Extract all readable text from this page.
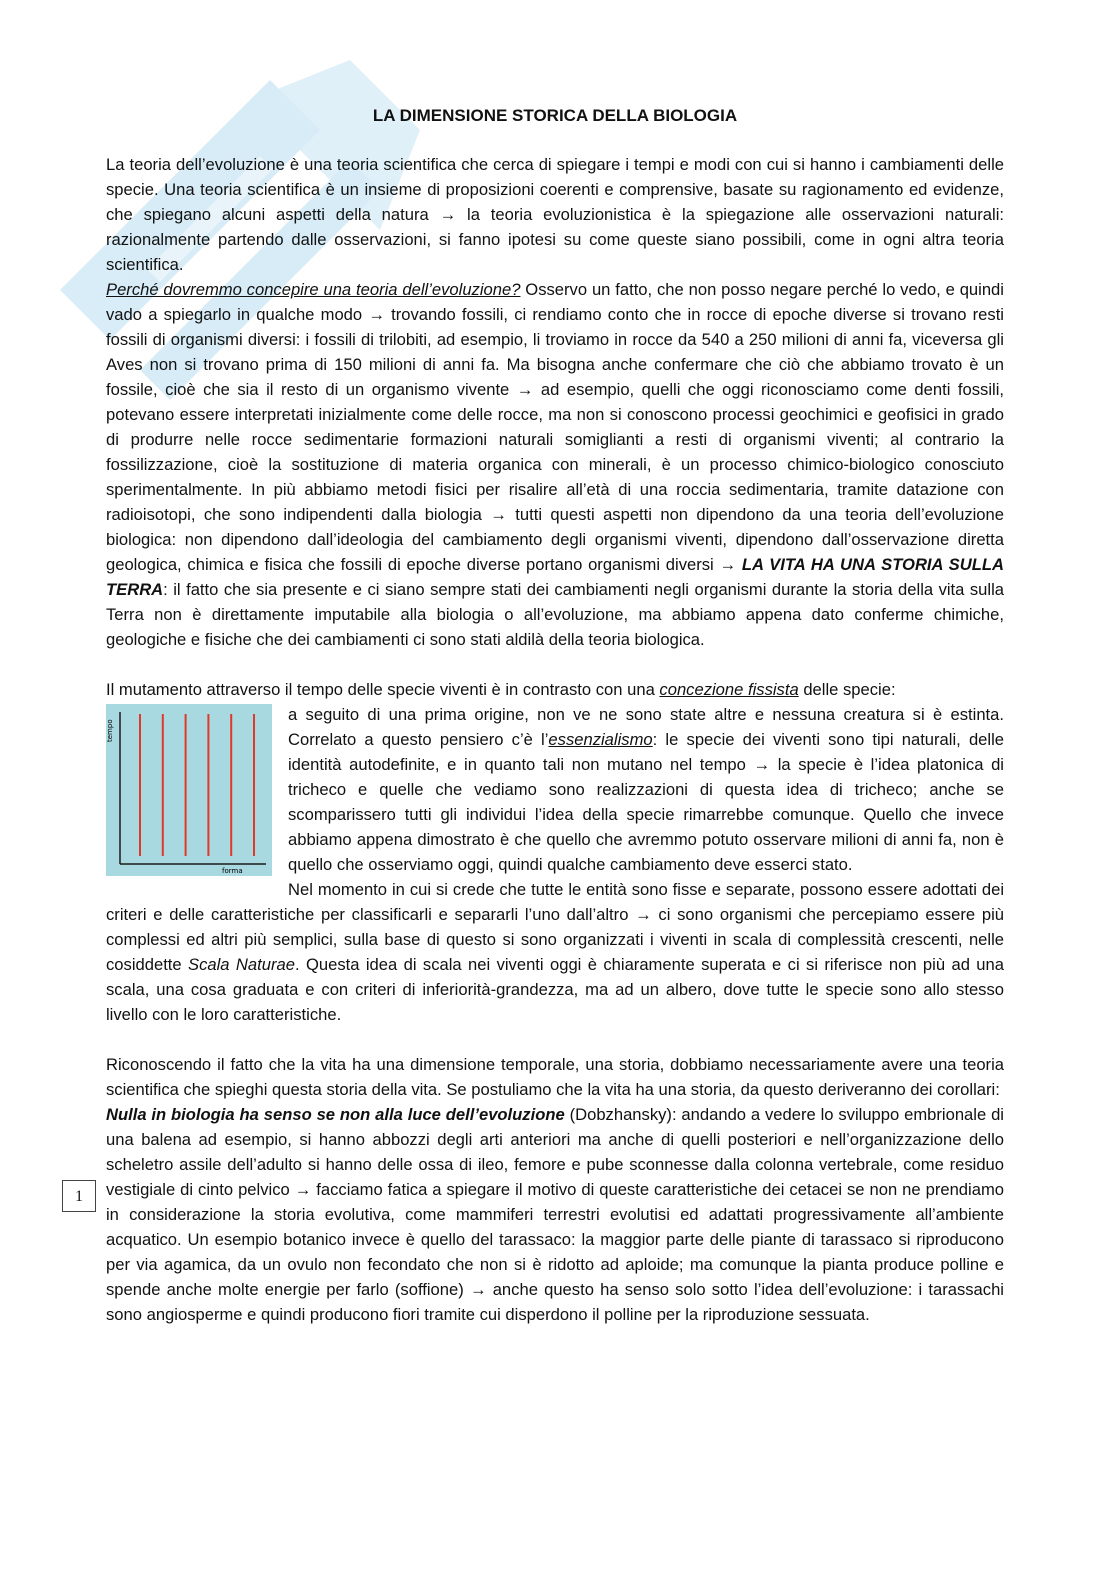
LA DIMENSIONE STORICA DELLA BIOLOGIA

La teoria dell’evoluzione è una teoria scientifica che cerca di spiegare i tempi e modi con cui si hanno i cambiamenti delle specie. Una teoria scientifica è un insieme di proposizioni coerenti e comprensive, basate su ragionamento ed evidenze, che spiegano alcuni aspetti della natura → la teoria evoluzionistica è la spiegazione alle osservazioni naturali: razionalmente partendo dalle osservazioni, si fanno ipotesi su come queste siano possibili, come in ogni altra teoria scientifica.

Perché dovremmo concepire una teoria dell’evoluzione? Osservo un fatto, che non posso negare perché lo vedo, e quindi vado a spiegarlo in qualche modo → trovando fossili, ci rendiamo conto che in rocce di epoche diverse si trovano resti fossili di organismi diversi: i fossili di trilobiti, ad esempio, li troviamo in rocce da 540 a 250 milioni di anni fa, viceversa gli Aves non si trovano prima di 150 milioni di anni fa. Ma bisogna anche confermare che ciò che abbiamo trovato è un fossile, cioè che sia il resto di un organismo vivente → ad esempio, quelli che oggi riconosciamo come denti fossili, potevano essere interpretati inizialmente come delle rocce, ma non si conoscono processi geochimici e geofisici in grado di produrre nelle rocce sedimentarie formazioni naturali somiglianti a resti di organismi viventi; al contrario la fossilizzazione, cioè la sostituzione di materia organica con minerali, è un processo chimico-biologico conosciuto sperimentalmente. In più abbiamo metodi fisici per risalire all’età di una roccia sedimentaria, tramite datazione con radioisotopi, che sono indipendenti dalla biologia → tutti questi aspetti non dipendono da una teoria dell’evoluzione biologica: non dipendono dall’ideologia del cambiamento degli organismi viventi, dipendono dall’osservazione diretta geologica, chimica e fisica che fossili di epoche diverse portano organismi diversi → LA VITA HA UNA STORIA SULLA TERRA: il fatto che sia presente e ci siano sempre stati dei cambiamenti negli organismi durante la storia della vita sulla Terra non è direttamente imputabile alla biologia o all’evoluzione, ma abbiamo appena dato conferme chimiche, geologiche e fisiche che dei cambiamenti ci sono stati aldilà della teoria biologica.

Il mutamento attraverso il tempo delle specie viventi è in contrasto con una concezione fissista delle specie:

tempo
forma
a seguito di una prima origine, non ve ne sono state altre e nessuna creatura si è estinta. Correlato a questo pensiero c’è l’essenzialismo: le specie dei viventi sono tipi naturali, delle identità autodefinite, e in quanto tali non mutano nel tempo → la specie è l’idea platonica di tricheco e quelle che vediamo sono realizzazioni di questa idea di tricheco; anche se scomparissero tutti gli individui l’idea della specie rimarrebbe comunque. Quello che invece abbiamo appena dimostrato è che quello che avremmo potuto osservare milioni di anni fa, non è quello che osserviamo oggi, quindi qualche cambiamento deve esserci stato.

Nel momento in cui si crede che tutte le entità sono fisse e separate, possono essere adottati dei criteri e delle caratteristiche per classificarli e separarli l’uno dall’altro → ci sono organismi che percepiamo essere più complessi ed altri più semplici, sulla base di questo si sono organizzati i viventi in scala di complessità crescenti, nelle cosiddette Scala Naturae. Questa idea di scala nei viventi oggi è chiaramente superata e ci si riferisce non più ad una scala, una cosa graduata e con criteri di inferiorità-grandezza, ma ad un albero, dove tutte le specie sono allo stesso livello con le loro caratteristiche.

Riconoscendo il fatto che la vita ha una dimensione temporale, una storia, dobbiamo necessariamente avere una teoria scientifica che spieghi questa storia della vita. Se postuliamo che la vita ha una storia, da questo deriveranno dei corollari:

Nulla in biologia ha senso se non alla luce dell’evoluzione (Dobzhansky): andando a vedere lo sviluppo embrionale di una balena ad esempio, si hanno abbozzi degli arti anteriori ma anche di quelli posteriori e nell’organizzazione dello scheletro assile dell’adulto si hanno delle ossa di ileo, femore e pube sconnesse dalla colonna vertebrale, come residuo vestigiale di cinto pelvico → facciamo fatica a spiegare il motivo di queste caratteristiche dei cetacei se non ne prendiamo in considerazione la storia evolutiva, come mammiferi terrestri evolutisi ed adattati progressivamente all’ambiente acquatico. Un esempio botanico invece è quello del tarassaco: la maggior parte delle piante di tarassaco si riproducono per via agamica, da un ovulo non fecondato che non si è ridotto ad aploide; ma comunque la pianta produce polline e spende anche molte energie per farlo (soffione) → anche questo ha senso solo sotto l’idea dell’evoluzione: i tarassachi sono angiosperme e quindi producono fiori tramite cui disperdono il polline per la riproduzione sessuata.

1
